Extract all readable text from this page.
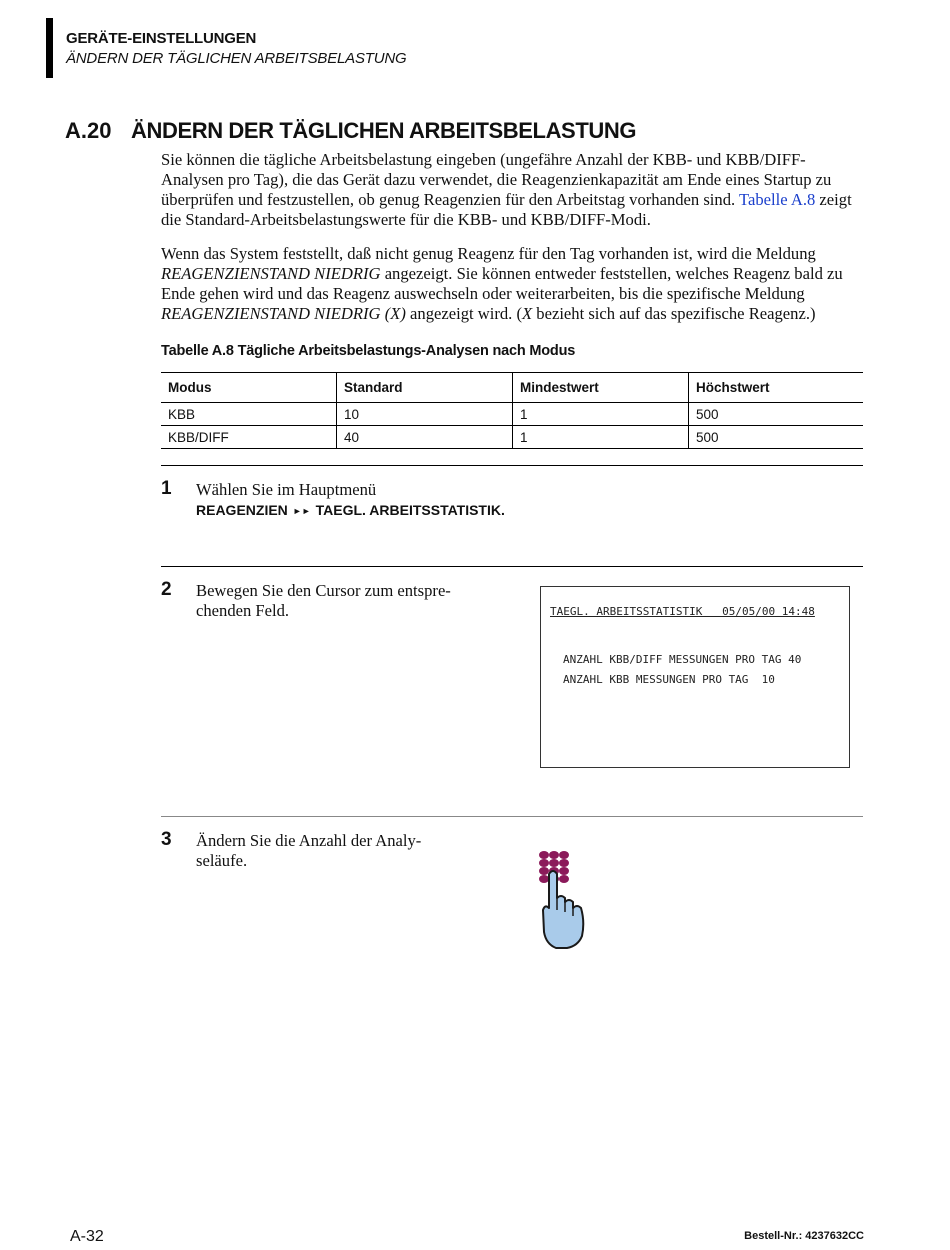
GERÄTE-EINSTELLUNGEN
ÄNDERN DER TÄGLICHEN ARBEITSBELASTUNG
A.20 ÄNDERN DER TÄGLICHEN ARBEITSBELASTUNG

Sie können die tägliche Arbeitsbelastung eingeben (ungefähre Anzahl der KBB- und KBB/DIFF-Analysen pro Tag), die das Gerät dazu verwendet, die Reagenzienkapazität am Ende eines Startup zu überprüfen und festzustellen, ob genug Reagenzien für den Arbeitstag vorhanden sind. Tabelle A.8 zeigt die Standard-Arbeitsbelastungswerte für die KBB- und KBB/DIFF-Modi.

Wenn das System feststellt, daß nicht genug Reagenz für den Tag vorhanden ist, wird die Meldung REAGENZIENSTAND NIEDRIG angezeigt. Sie können entweder feststellen, welches Reagenz bald zu Ende gehen wird und das Reagenz auswechseln oder weiterarbeiten, bis die spezifische Meldung REAGENZIENSTAND NIEDRIG (X) angezeigt wird. (X bezieht sich auf das spezifische Reagenz.)

Tabelle A.8 Tägliche Arbeitsbelastungs-Analysen nach Modus
Modus	Standard	Mindestwert	Höchstwert
KBB	10	1	500
KBB/DIFF	40	1	500
1 Wählen Sie im Hauptmenü
REAGENZIEN ►► TAEGL. ARBEITSSTATISTIK.
2 Bewegen Sie den Cursor zum entspre-
chenden Feld.	TAEGL. ARBEITSSTATISTIK   05/05/00 14:48
ANZAHL KBB/DIFF MESSUNGEN PRO TAG 40
ANZAHL KBB MESSUNGEN PRO TAG  10
3 Ändern Sie die Anzahl der Analy-
seläufe.
A-32	Bestell-Nr.: 4237632CC
